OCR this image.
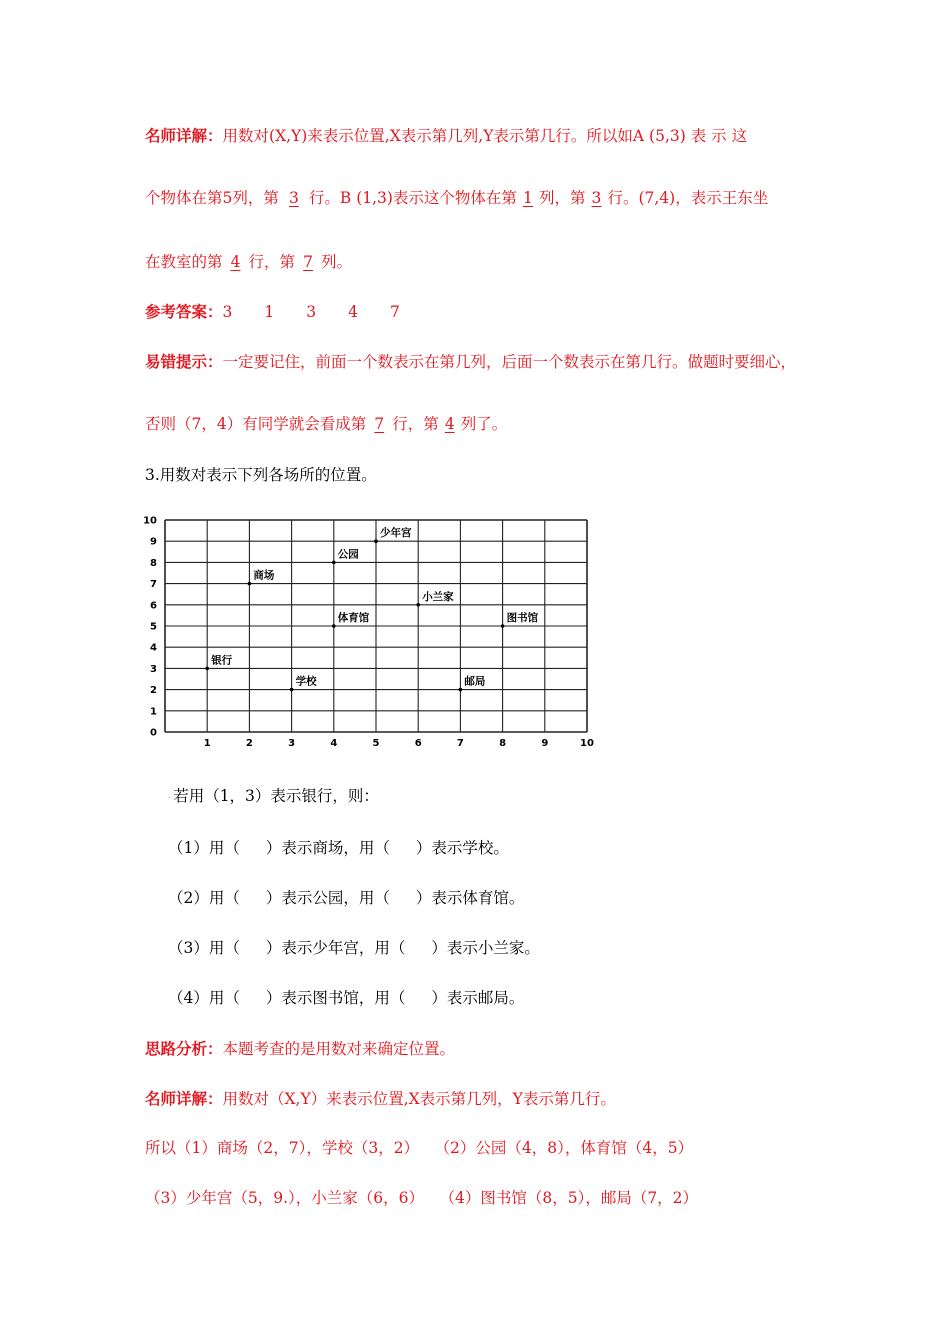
名师详解：用数对(X,Y)来表示位置,X表示第几列,Y表示第几行。所以如A (5,3) 表 示 这
个物体在第5列，第 3 行。B (1,3)表示这个物体在第 1 列，第 3 行。(7,4)，表示王东坐
在教室的第 4 行，第 7 列。
参考答案：3 1 3 4 7
易错提示：一定要记住，前面一个数表示在第几列，后面一个数表示在第几行。做题时要细心，
否则（7，4）有同学就会看成第 7 行，第 4 列了。
3.用数对表示下列各场所的位置。
0
1
2
3
4
5
6
7
8
9
10
1	2	3	4	5	6	7	8	9	10
银行
商场
学校
公园
体育馆
少年宫
小兰家
图书馆
邮局
· 若用（1，3）表示银行，则：
（1）用（ ）表示商场，用（ ）表示学校。
（2）用（ ）表示公园，用（ ）表示体育馆。
（3）用（ ）表示少年宫，用（ ）表示小兰家。
（4）用（ ）表示图书馆，用（ ）表示邮局。
思路分析：本题考查的是用数对来确定位置。
名师详解：用数对（X,Y）来表示位置,X表示第几列，Y表示第几行。
所以（1）商场（2，7），学校（3，2）　　（2）公园（4，8），体育馆（4，5）
（3）少年宫（5，9.），小兰家（6，6）　　（4）图书馆（8，5），邮局（7，2）
